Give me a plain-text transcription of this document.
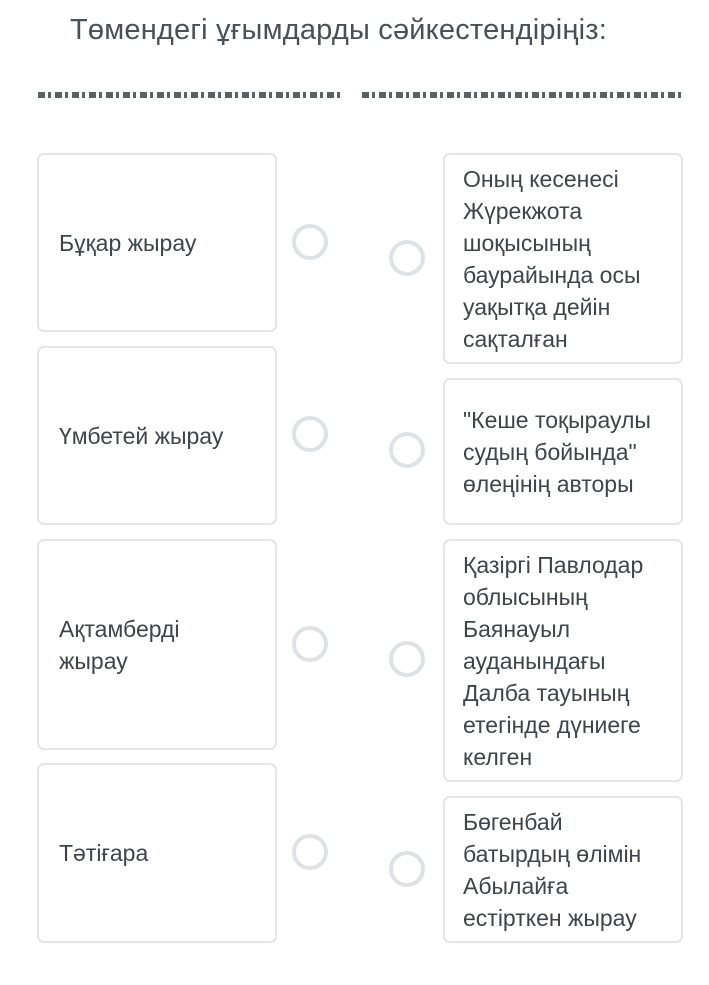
Төмендегі ұғымдарды сәйкестендіріңіз:
Бұқар жырау
Үмбетей жырау
Ақтамберді жырау
Тәтіғара
Оның кесенесі Жүрекжота шоқысының баурайында осы уақытқа дейін сақталған
"Кеше тоқыраулы судың бойында" өлеңінің авторы
Қазіргі Павлодар облысының Баянауыл ауданындағы Далба тауының етегінде дүниеге келген
Бөгенбай батырдың өлімін Абылайға естірткен жырау
